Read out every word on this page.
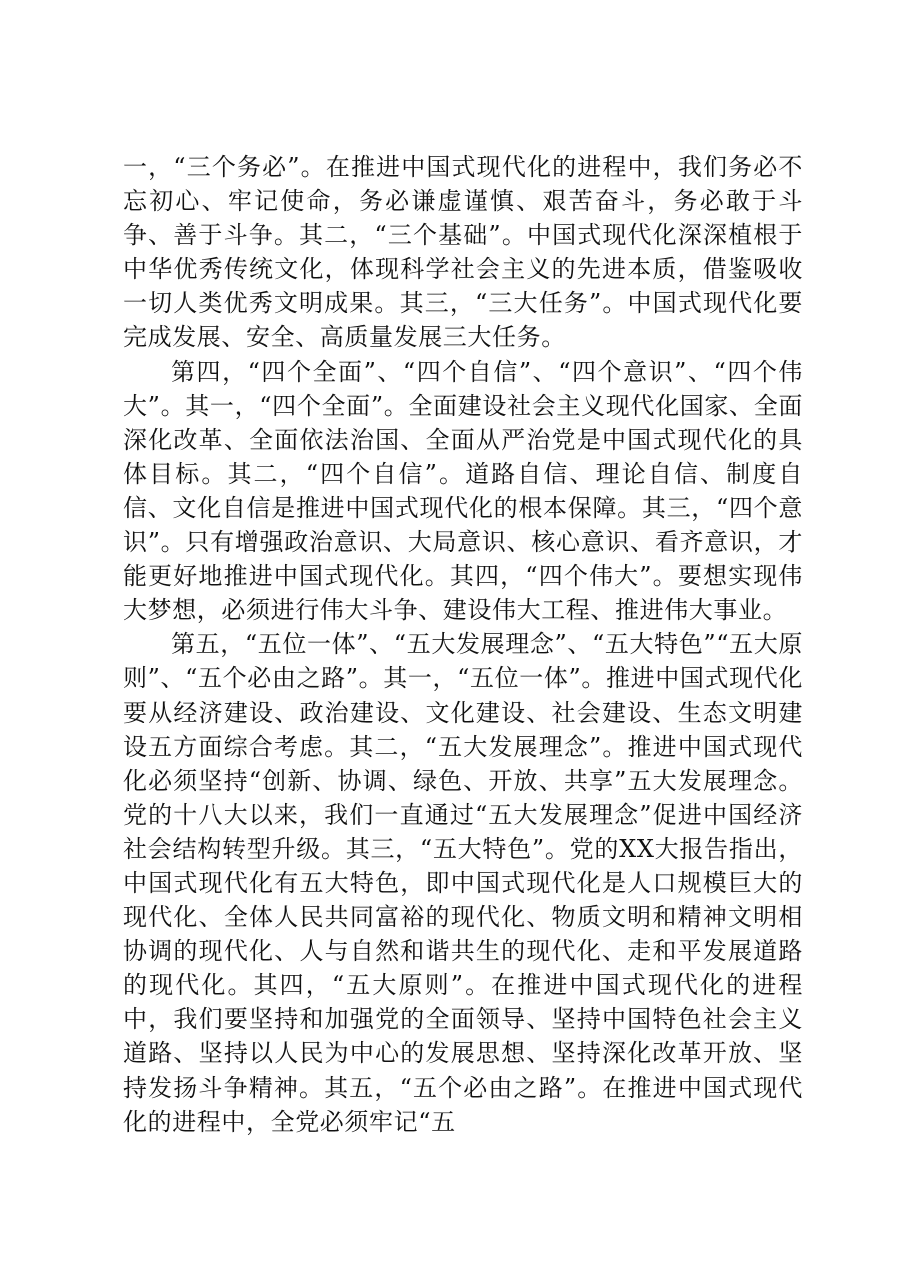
一，“三个务必”。在推进中国式现代化的进程中，我们务必不忘初心、牢记使命，务必谦虚谨慎、艰苦奋斗，务必敢于斗争、善于斗争。其二，“三个基础”。中国式现代化深深植根于中华优秀传统文化，体现科学社会主义的先进本质，借鉴吸收一切人类优秀文明成果。其三，“三大任务”。中国式现代化要完成发展、安全、高质量发展三大任务。

第四，“四个全面”、“四个自信”、“四个意识”、“四个伟大”。其一，“四个全面”。全面建设社会主义现代化国家、全面深化改革、全面依法治国、全面从严治党是中国式现代化的具体目标。其二，“四个自信”。道路自信、理论自信、制度自信、文化自信是推进中国式现代化的根本保障。其三，“四个意识”。只有增强政治意识、大局意识、核心意识、看齐意识，才能更好地推进中国式现代化。其四，“四个伟大”。要想实现伟大梦想，必须进行伟大斗争、建设伟大工程、推进伟大事业。

第五，“五位一体”、“五大发展理念”、“五大特色”“五大原则”、“五个必由之路”。其一，“五位一体”。推进中国式现代化要从经济建设、政治建设、文化建设、社会建设、生态文明建设五方面综合考虑。其二，“五大发展理念”。推进中国式现代化必须坚持“创新、协调、绿色、开放、共享”五大发展理念。党的十八大以来，我们一直通过“五大发展理念”促进中国经济社会结构转型升级。其三，“五大特色”。党的XX大报告指出，中国式现代化有五大特色，即中国式现代化是人口规模巨大的现代化、全体人民共同富裕的现代化、物质文明和精神文明相协调的现代化、人与自然和谐共生的现代化、走和平发展道路的现代化。其四，“五大原则”。在推进中国式现代化的进程中，我们要坚持和加强党的全面领导、坚持中国特色社会主义道路、坚持以人民为中心的发展思想、坚持深化改革开放、坚持发扬斗争精神。其五，“五个必由之路”。在推进中国式现代化的进程中，全党必须牢记“五
